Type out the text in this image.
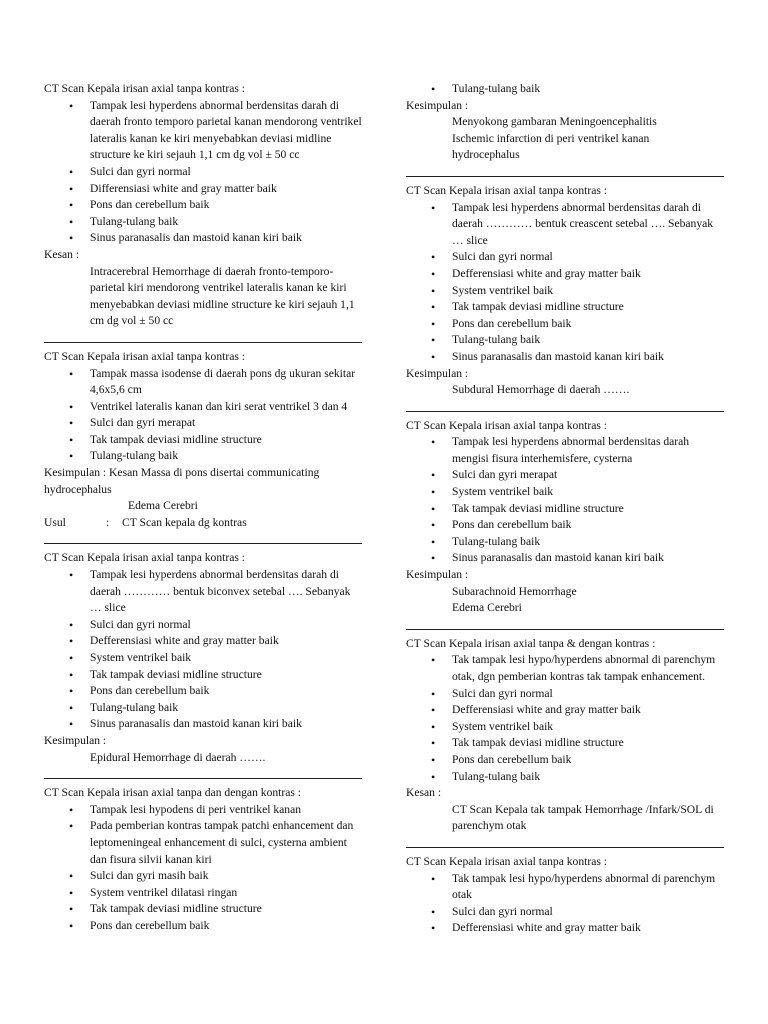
CT Scan Kepala irisan axial tanpa kontras :

• Tampak lesi hyperdens abnormal berdensitas darah di daerah fronto temporo parietal kanan mendorong ventrikel lateralis kanan ke kiri menyebabkan deviasi midline structure ke kiri sejauh 1,1 cm dg vol ± 50 cc
• Sulci dan gyri normal
• Differensiasi white and gray matter baik
• Pons dan cerebellum baik
• Tulang-tulang baik
• Sinus paranasalis dan mastoid kanan kiri baik

Kesan :

Intracerebral Hemorrhage di daerah fronto-temporo-parietal kiri mendorong ventrikel lateralis kanan ke kiri menyebabkan deviasi midline structure ke kiri sejauh 1,1 cm dg vol ± 50 cc

CT Scan Kepala irisan axial tanpa kontras :

• Tampak massa isodense di daerah pons dg ukuran sekitar 4,6x5,6 cm
• Ventrikel lateralis kanan dan kiri serat ventrikel 3 dan 4
• Sulci dan gyri merapat
• Tak tampak deviasi midline structure
• Tulang-tulang baik

Kesimpulan : Kesan Massa di pons disertai communicating hydrocephalus

Edema Cerebri

Usul	:	CT Scan kepala dg kontras

CT Scan Kepala irisan axial tanpa kontras :

• Tampak lesi hyperdens abnormal berdensitas darah di daerah ………… bentuk biconvex setebal …. Sebanyak … slice
• Sulci dan gyri normal
• Defferensiasi white and gray matter baik
• System ventrikel baik
• Tak tampak deviasi midline structure
• Pons dan cerebellum baik
• Tulang-tulang baik
• Sinus paranasalis dan mastoid kanan kiri baik

Kesimpulan :

Epidural Hemorrhage di daerah …….

CT Scan Kepala irisan axial tanpa dan dengan kontras :

• Tampak lesi hypodens di peri ventrikel kanan
• Pada pemberian kontras tampak patchi enhancement dan leptomeningeal enhancement di sulci, cysterna ambient dan fisura silvii kanan kiri
• Sulci dan gyri masih baik
• System ventrikel dilatasi ringan
• Tak tampak deviasi midline structure
• Pons dan cerebellum baik
• Tulang-tulang baik

Kesimpulan :

Menyokong gambaran Meningoencephalitis

Ischemic infarction di peri ventrikel kanan

hydrocephalus

CT Scan Kepala irisan axial tanpa kontras :

• Tampak lesi hyperdens abnormal berdensitas darah di daerah ………… bentuk creascent setebal …. Sebanyak … slice
• Sulci dan gyri normal
• Defferensiasi white and gray matter baik
• System ventrikel baik
• Tak tampak deviasi midline structure
• Pons dan cerebellum baik
• Tulang-tulang baik
• Sinus paranasalis dan mastoid kanan kiri baik

Kesimpulan :

Subdural Hemorrhage di daerah …….

CT Scan Kepala irisan axial tanpa kontras :

• Tampak lesi hyperdens abnormal berdensitas darah mengisi fisura interhemisfere, cysterna
• Sulci dan gyri merapat
• System ventrikel baik
• Tak tampak deviasi midline structure
• Pons dan cerebellum baik
• Tulang-tulang baik
• Sinus paranasalis dan mastoid kanan kiri baik

Kesimpulan :

Subarachnoid Hemorrhage

Edema Cerebri

CT Scan Kepala irisan axial tanpa & dengan kontras :

• Tak tampak lesi hypo/hyperdens abnormal di parenchym otak, dgn pemberian kontras tak tampak enhancement.
• Sulci dan gyri normal
• Defferensiasi white and gray matter baik
• System ventrikel baik
• Tak tampak deviasi midline structure
• Pons dan cerebellum baik
• Tulang-tulang baik

Kesan :

CT Scan Kepala tak tampak Hemorrhage /Infark/SOL di parenchym otak

CT Scan Kepala irisan axial tanpa kontras :

• Tak tampak lesi hypo/hyperdens abnormal di parenchym otak
• Sulci dan gyri normal
• Defferensiasi white and gray matter baik
